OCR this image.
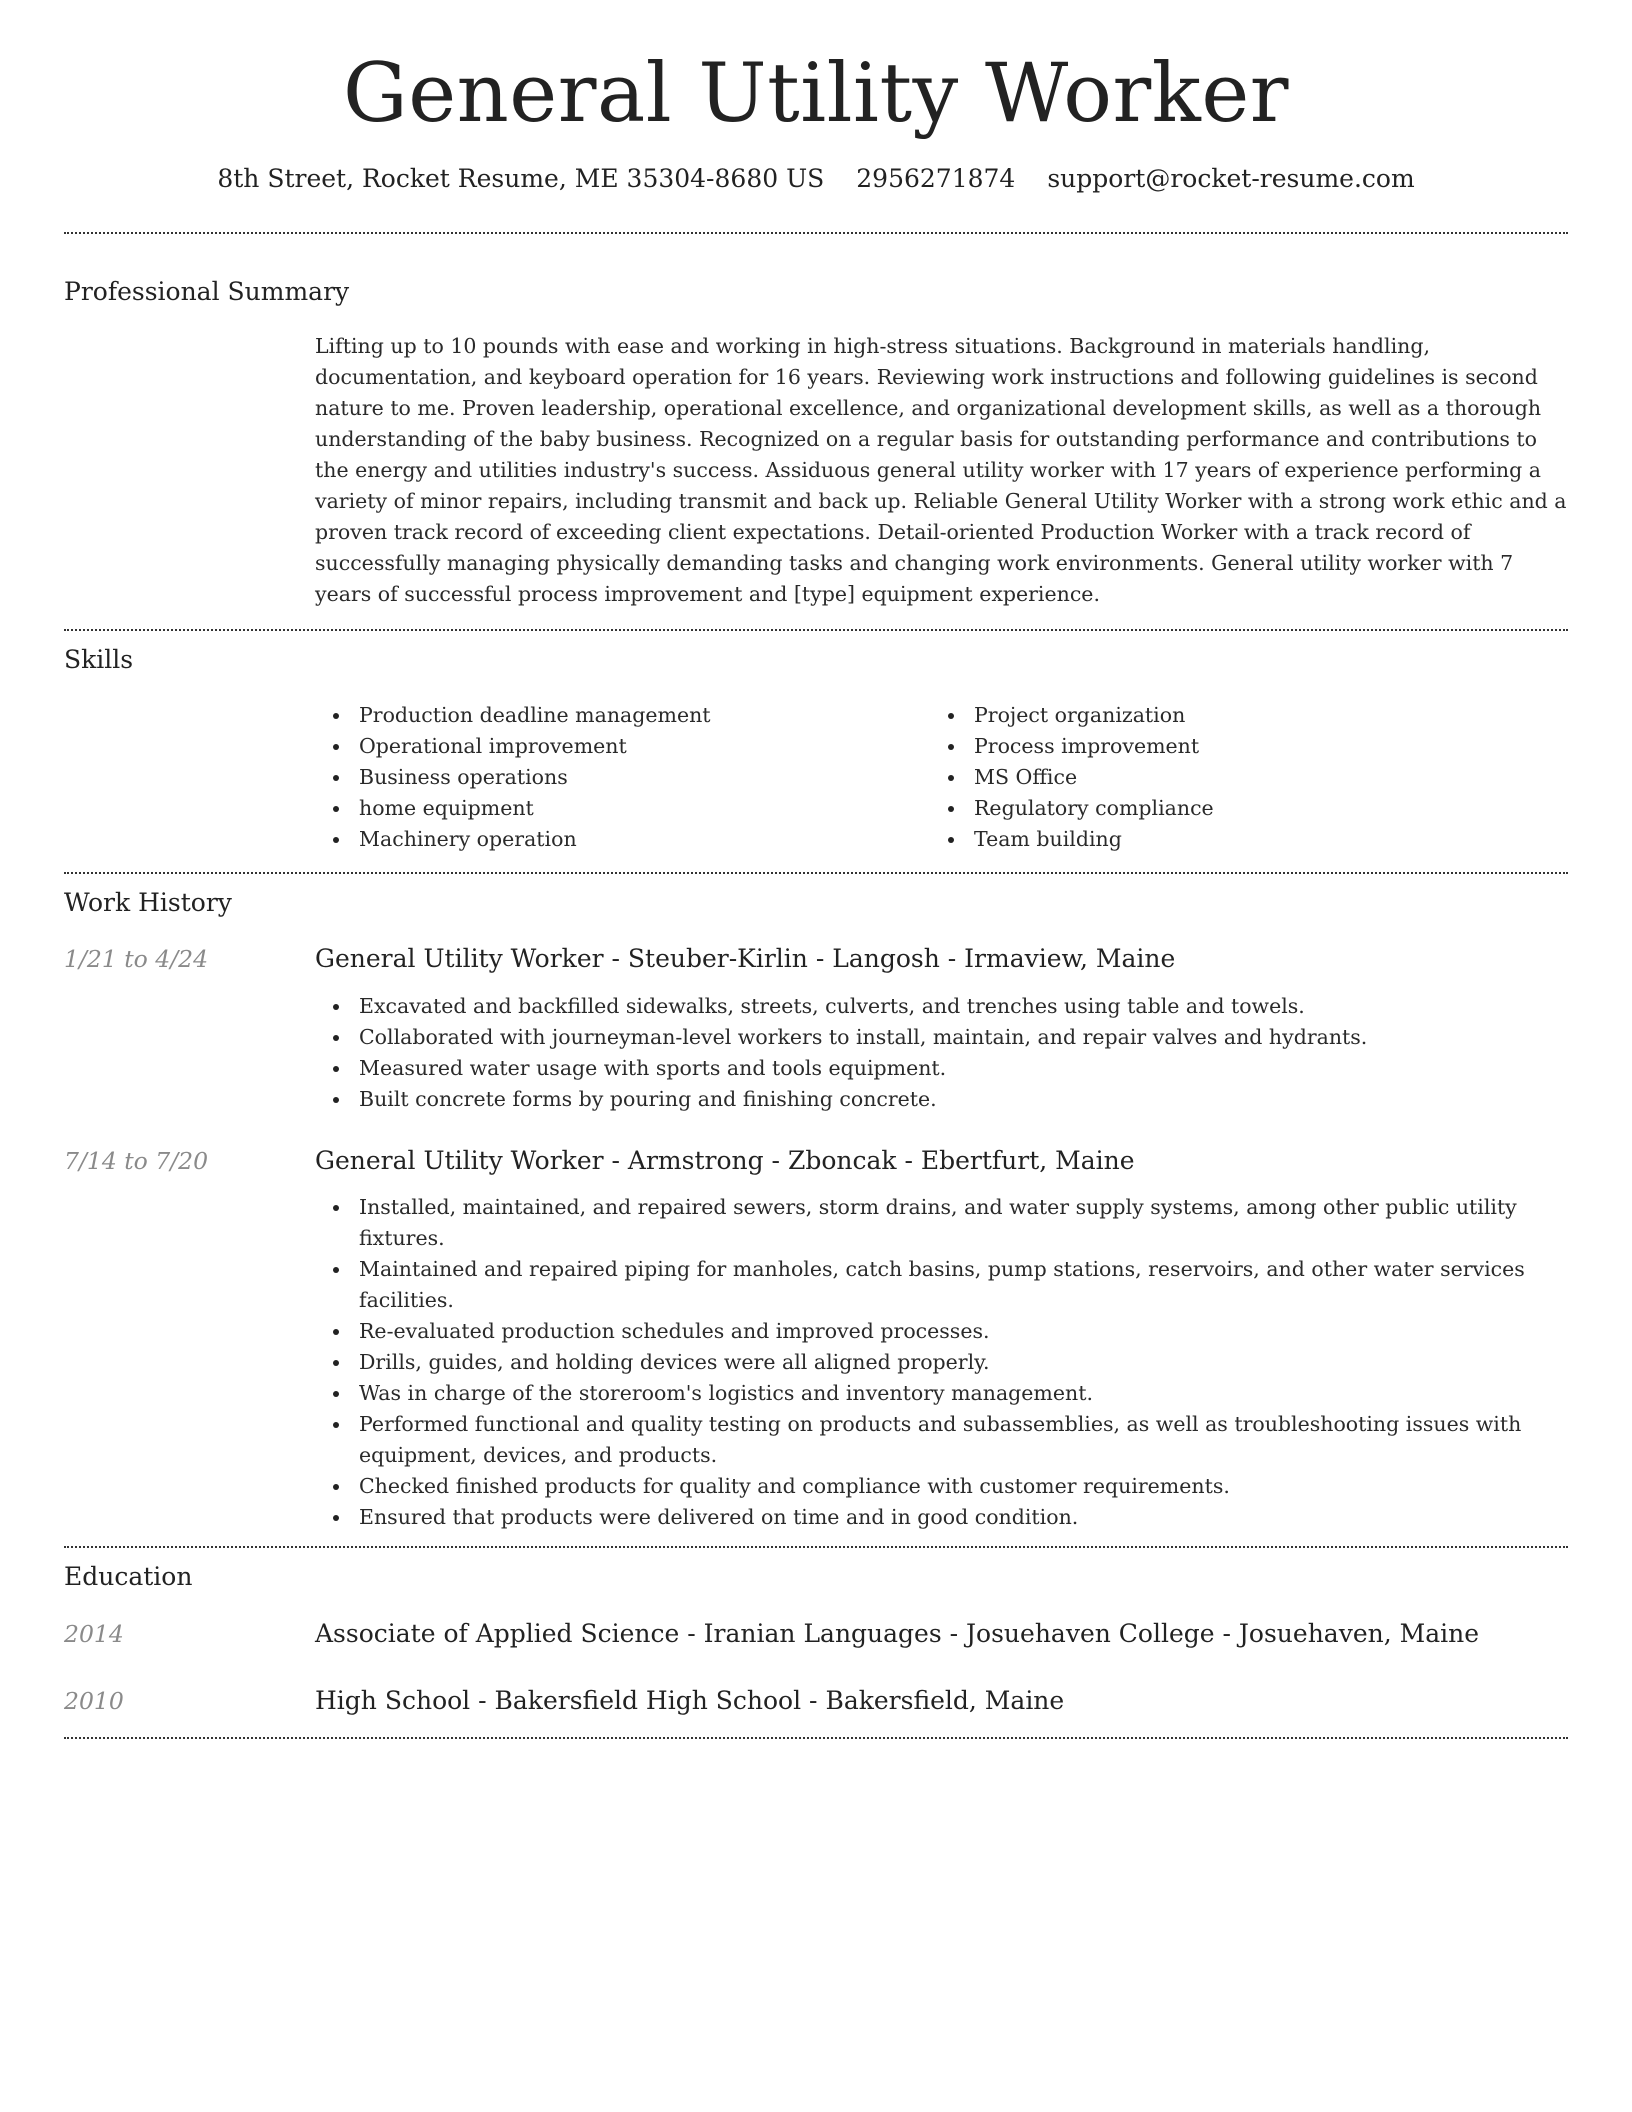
General Utility Worker
8th Street, Rocket Resume, ME 35304-8680 US 2956271874 support@rocket-resume.com
Professional Summary

Lifting up to 10 pounds with ease and working in high-stress situations. Background in materials handling, documentation, and keyboard operation for 16 years. Reviewing work instructions and following guidelines is second nature to me. Proven leadership, operational excellence, and organizational development skills, as well as a thorough understanding of the baby business. Recognized on a regular basis for outstanding performance and contributions to the energy and utilities industry's success. Assiduous general utility worker with 17 years of experience performing a variety of minor repairs, including transmit and back up. Reliable General Utility Worker with a strong work ethic and a proven track record of exceeding client expectations. Detail-oriented Production Worker with a track record of successfully managing physically demanding tasks and changing work environments. General utility worker with 7 years of successful process improvement and [type] equipment experience.

Skills
Production deadline management
Operational improvement
Business operations
home equipment
Machinery operation
Project organization
Process improvement
MS Office
Regulatory compliance
Team building
Work History
1/21 to 4/24	General Utility Worker - Steuber-Kirlin - Langosh - Irmaview, Maine
Excavated and backfilled sidewalks, streets, culverts, and trenches using table and towels.
Collaborated with journeyman-level workers to install, maintain, and repair valves and hydrants.
Measured water usage with sports and tools equipment.
Built concrete forms by pouring and finishing concrete.
7/14 to 7/20	General Utility Worker - Armstrong - Zboncak - Ebertfurt, Maine
Installed, maintained, and repaired sewers, storm drains, and water supply systems, among other public utility fixtures.
Maintained and repaired piping for manholes, catch basins, pump stations, reservoirs, and other water services facilities.
Re-evaluated production schedules and improved processes.
Drills, guides, and holding devices were all aligned properly.
Was in charge of the storeroom's logistics and inventory management.
Performed functional and quality testing on products and subassemblies, as well as troubleshooting issues with equipment, devices, and products.
Checked finished products for quality and compliance with customer requirements.
Ensured that products were delivered on time and in good condition.
Education
2014	Associate of Applied Science - Iranian Languages - Josuehaven College - Josuehaven, Maine
2010	High School - Bakersfield High School - Bakersfield, Maine
